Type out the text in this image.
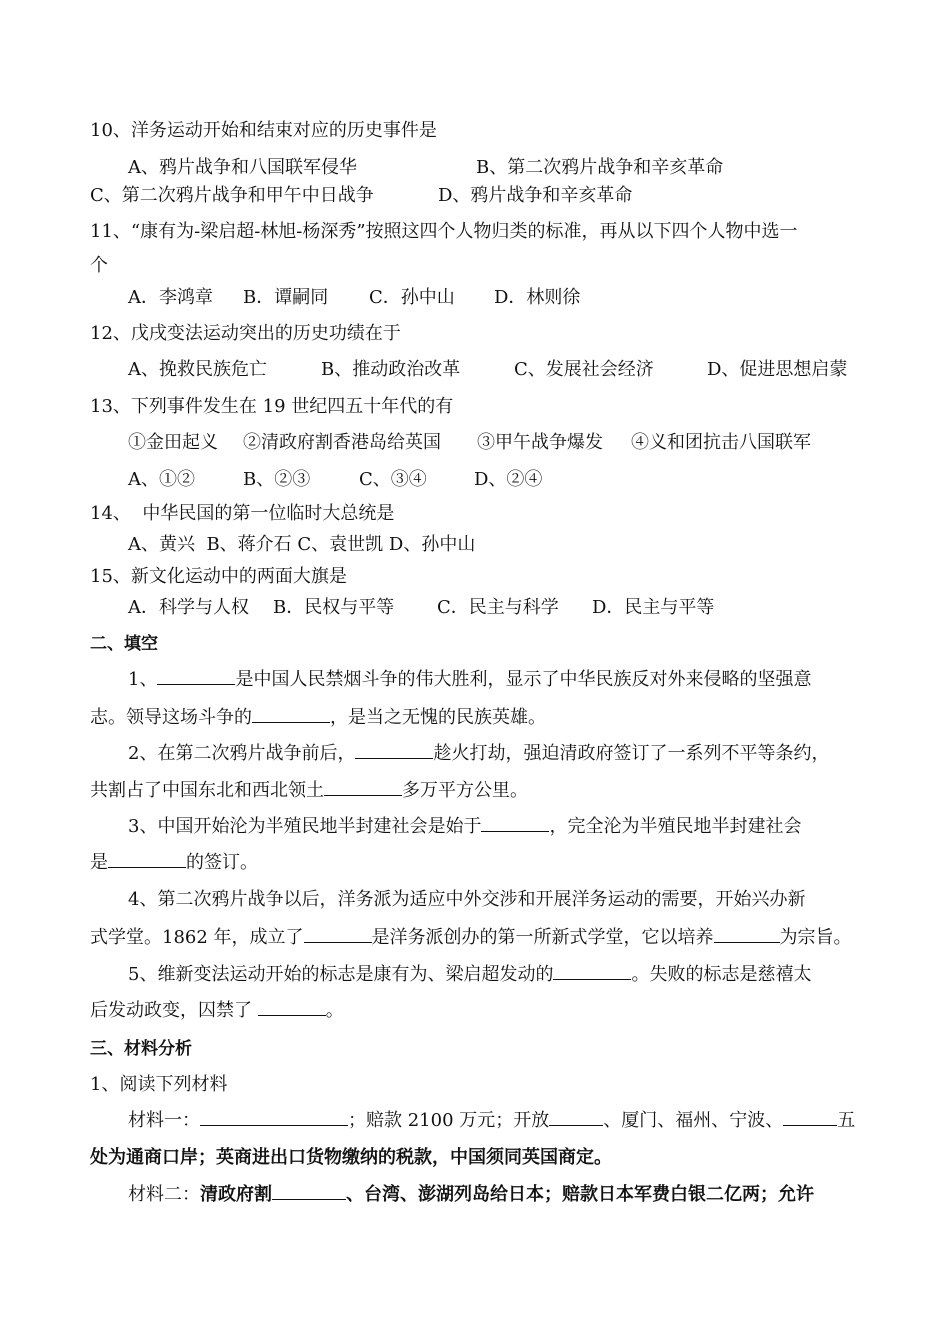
10、洋务运动开始和结束对应的历史事件是
A、鸦片战争和八国联军侵华	B、第二次鸦片战争和辛亥革命
C、第二次鸦片战争和甲午中日战争	D、鸦片战争和辛亥革命
11、“康有为-梁启超-林旭-杨深秀”按照这四个人物归类的标准，再从以下四个人物中选一
个
A．李鸿章 B．谭嗣同 C．孙中山 D．林则徐
12、戊戌变法运动突出的历史功绩在于
A、挽救民族危亡	B、推动政治改革	C、发展社会经济	D、促进思想启蒙
13、下列事件发生在 19 世纪四五十年代的有
①金田起义 ②清政府割香港岛给英国 ③甲午战争爆发 ④义和团抗击八国联军
A、①②	B、②③	C、③④	D、②④
14、  中华民国的第一位临时大总统是
A、黄兴  B、蒋介石 C、袁世凯 D、孙中山
15、新文化运动中的两面大旗是
A．科学与人权 B．民权与平等 C．民主与科学 D．民主与平等
二、填空
1、	是中国人民禁烟斗争的伟大胜利，显示了中华民族反对外来侵略的坚强意
志。领导这场斗争的	，是当之无愧的民族英雄。
2、在第二次鸦片战争前后，	趁火打劫，强迫清政府签订了一系列不平等条约，
共割占了中国东北和西北领土	多万平方公里。
3、中国开始沦为半殖民地半封建社会是始于	，完全沦为半殖民地半封建社会
是	的签订。
4、第二次鸦片战争以后，洋务派为适应中外交涉和开展洋务运动的需要，开始兴办新
式学堂。1862 年，成立了	是洋务派创办的第一所新式学堂，它以培养	为宗旨。
5、维新变法运动开始的标志是康有为、梁启超发动的	。失败的标志是慈禧太
后发动政变，囚禁了	。
三、材料分析
1、阅读下列材料
材料一：	；赔款 2100 万元；开放	、厦门、福州、宁波、	五
处为通商口岸；英商进出口货物缴纳的税款，中国须同英国商定。
材料二：清政府割	、台湾、澎湖列岛给日本；赔款日本军费白银二亿两；允许
